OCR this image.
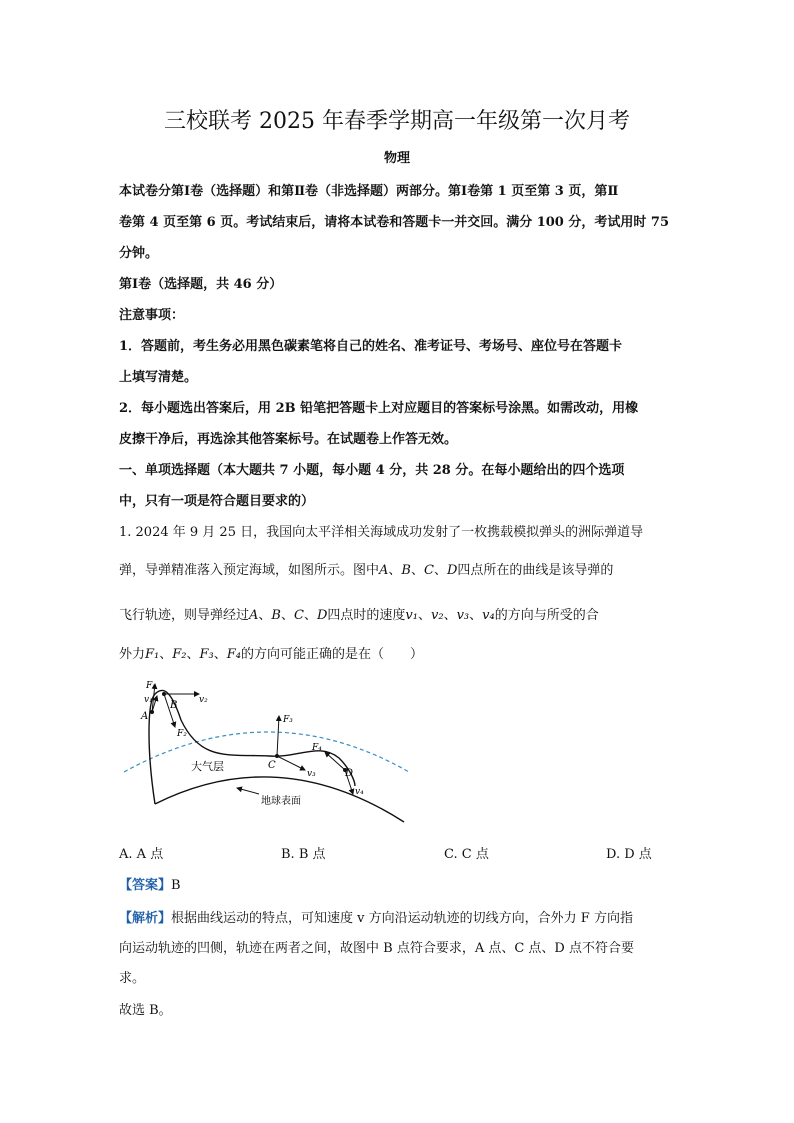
三校联考 2025 年春季学期高一年级第一次月考
物理
本试卷分第Ⅰ卷（选择题）和第Ⅱ卷（非选择题）两部分。第Ⅰ卷第 1 页至第 3 页，第Ⅱ
卷第 4 页至第 6 页。考试结束后，请将本试卷和答题卡一并交回。满分 100 分，考试用时 75
分钟。
第Ⅰ卷（选择题，共 46 分）
注意事项：
1．答题前，考生务必用黑色碳素笔将自己的姓名、准考证号、考场号、座位号在答题卡
上填写清楚。
2．每小题选出答案后，用 2B 铅笔把答题卡上对应题目的答案标号涂黑。如需改动，用橡
皮擦干净后，再选涂其他答案标号。在试题卷上作答无效。
一、单项选择题（本大题共 7 小题，每小题 4 分，共 28 分。在每小题给出的四个选项
中，只有一项是符合题目要求的）
1. 2024 年 9 月 25 日，我国向太平洋相关海域成功发射了一枚携载模拟弹头的洲际弹道导
弹，导弹精准落入预定海域，如图所示。图中A、B、C、D四点所在的曲线是该导弹的
飞行轨迹，则导弹经过A、B、C、D四点时的速度v₁、v₂、v₃、v₄的方向与所受的合
外力F₁、F₂、F₃、F₄的方向可能正确的是在（　　）
F₁
v₁
A
B v₂
F₂
F₃
C
v₃
F₄
D
v₄
大气层
地球表面
A. A 点	B. B 点	C. C 点	D. D 点
【答案】B
【解析】根据曲线运动的特点，可知速度 v 方向沿运动轨迹的切线方向，合外力 F 方向指
向运动轨迹的凹侧，轨迹在两者之间，故图中 B 点符合要求，A 点、C 点、D 点不符合要
求。
故选 B。
